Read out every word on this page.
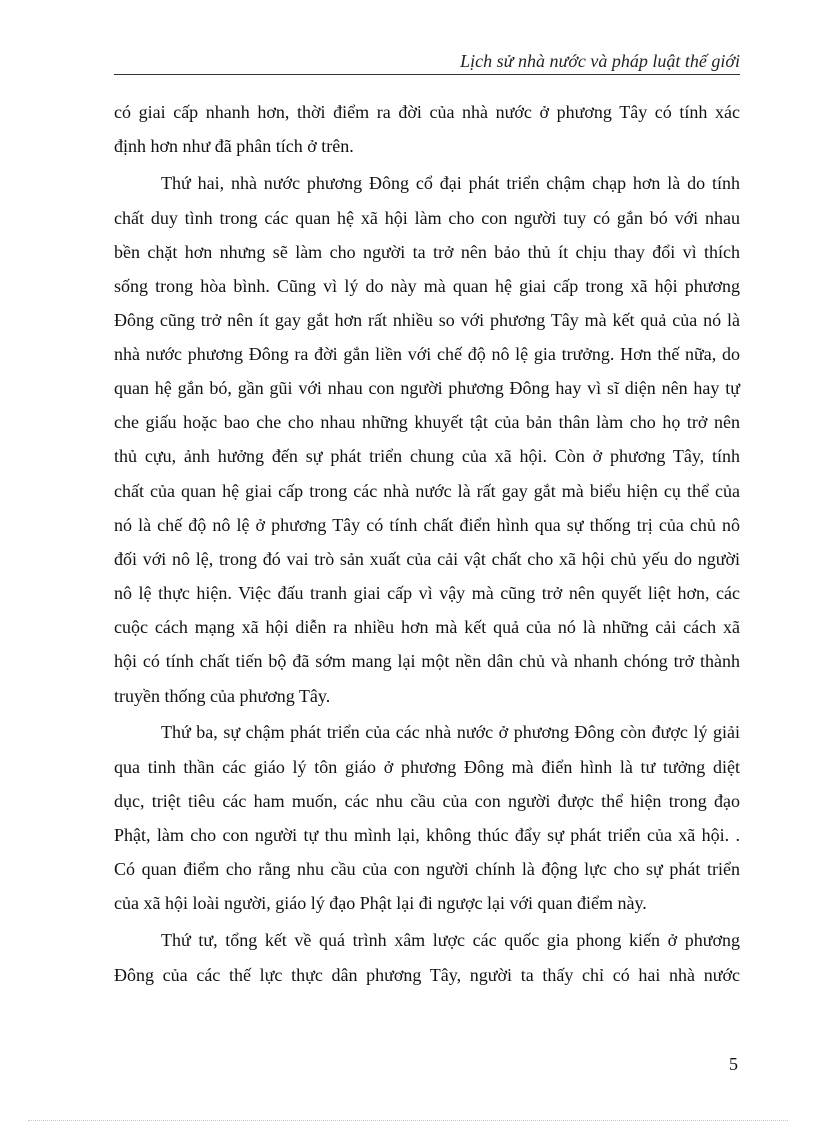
Lịch sử nhà nước và pháp luật thế giới
có giai cấp nhanh hơn, thời điểm ra đời của nhà nước ở phương Tây có tính xác
định hơn như đã phân tích ở trên.
Thứ hai, nhà nước phương Đông cổ đại phát triển chậm chạp hơn là do tính
chất duy tình trong các quan hệ xã hội làm cho con người tuy có gắn bó với nhau
bền chặt hơn nhưng sẽ làm cho người ta trở nên bảo thủ ít chịu thay đổi vì thích
sống trong hòa bình. Cũng vì lý do này mà quan hệ giai cấp trong xã hội phương
Đông cũng trở nên ít gay gắt hơn rất nhiều so với phương Tây mà kết quả của nó là
nhà nước phương Đông ra đời gắn liền với chế độ nô lệ gia trưởng. Hơn thế nữa, do
quan hệ gắn bó, gần gũi với nhau con người phương Đông hay vì sĩ diện nên hay tự
che giấu hoặc bao che cho nhau những khuyết tật của bản thân làm cho họ trở nên
thủ cựu, ảnh hưởng đến sự phát triển chung của xã hội. Còn ở phương Tây, tính
chất của quan hệ giai cấp trong các nhà nước là rất gay gắt mà biểu hiện cụ thể của
nó là chế độ nô lệ ở phương Tây có tính chất điển hình qua sự thống trị của chủ nô
đối với nô lệ, trong đó vai trò sản xuất của cải vật chất cho xã hội chủ yếu do người
nô lệ thực hiện. Việc đấu tranh giai cấp vì vậy mà cũng trở nên quyết liệt hơn, các
cuộc cách mạng xã hội diễn ra nhiều hơn mà kết quả của nó là những cải cách xã
hội có tính chất tiến bộ đã sớm mang lại một nền dân chủ và nhanh chóng trở thành
truyền thống của phương Tây.
Thứ ba, sự chậm phát triển của các nhà nước ở phương Đông còn được lý giải
qua tinh thần các giáo lý tôn giáo ở phương Đông mà điển hình là tư tưởng diệt
dục, triệt tiêu các ham muốn, các nhu cầu của con người được thể hiện trong đạo
Phật, làm cho con người tự thu mình lại, không thúc đẩy sự phát triển của xã hội. .
Có quan điểm cho rằng nhu cầu của con người chính là động lực cho sự phát triển
của xã hội loài người, giáo lý đạo Phật lại đi ngược lại với quan điểm này.
Thứ tư, tổng kết về quá trình xâm lược các quốc gia phong kiến ở phương
Đông của các thế lực thực dân phương Tây, người ta thấy chỉ có hai nhà nước
5
